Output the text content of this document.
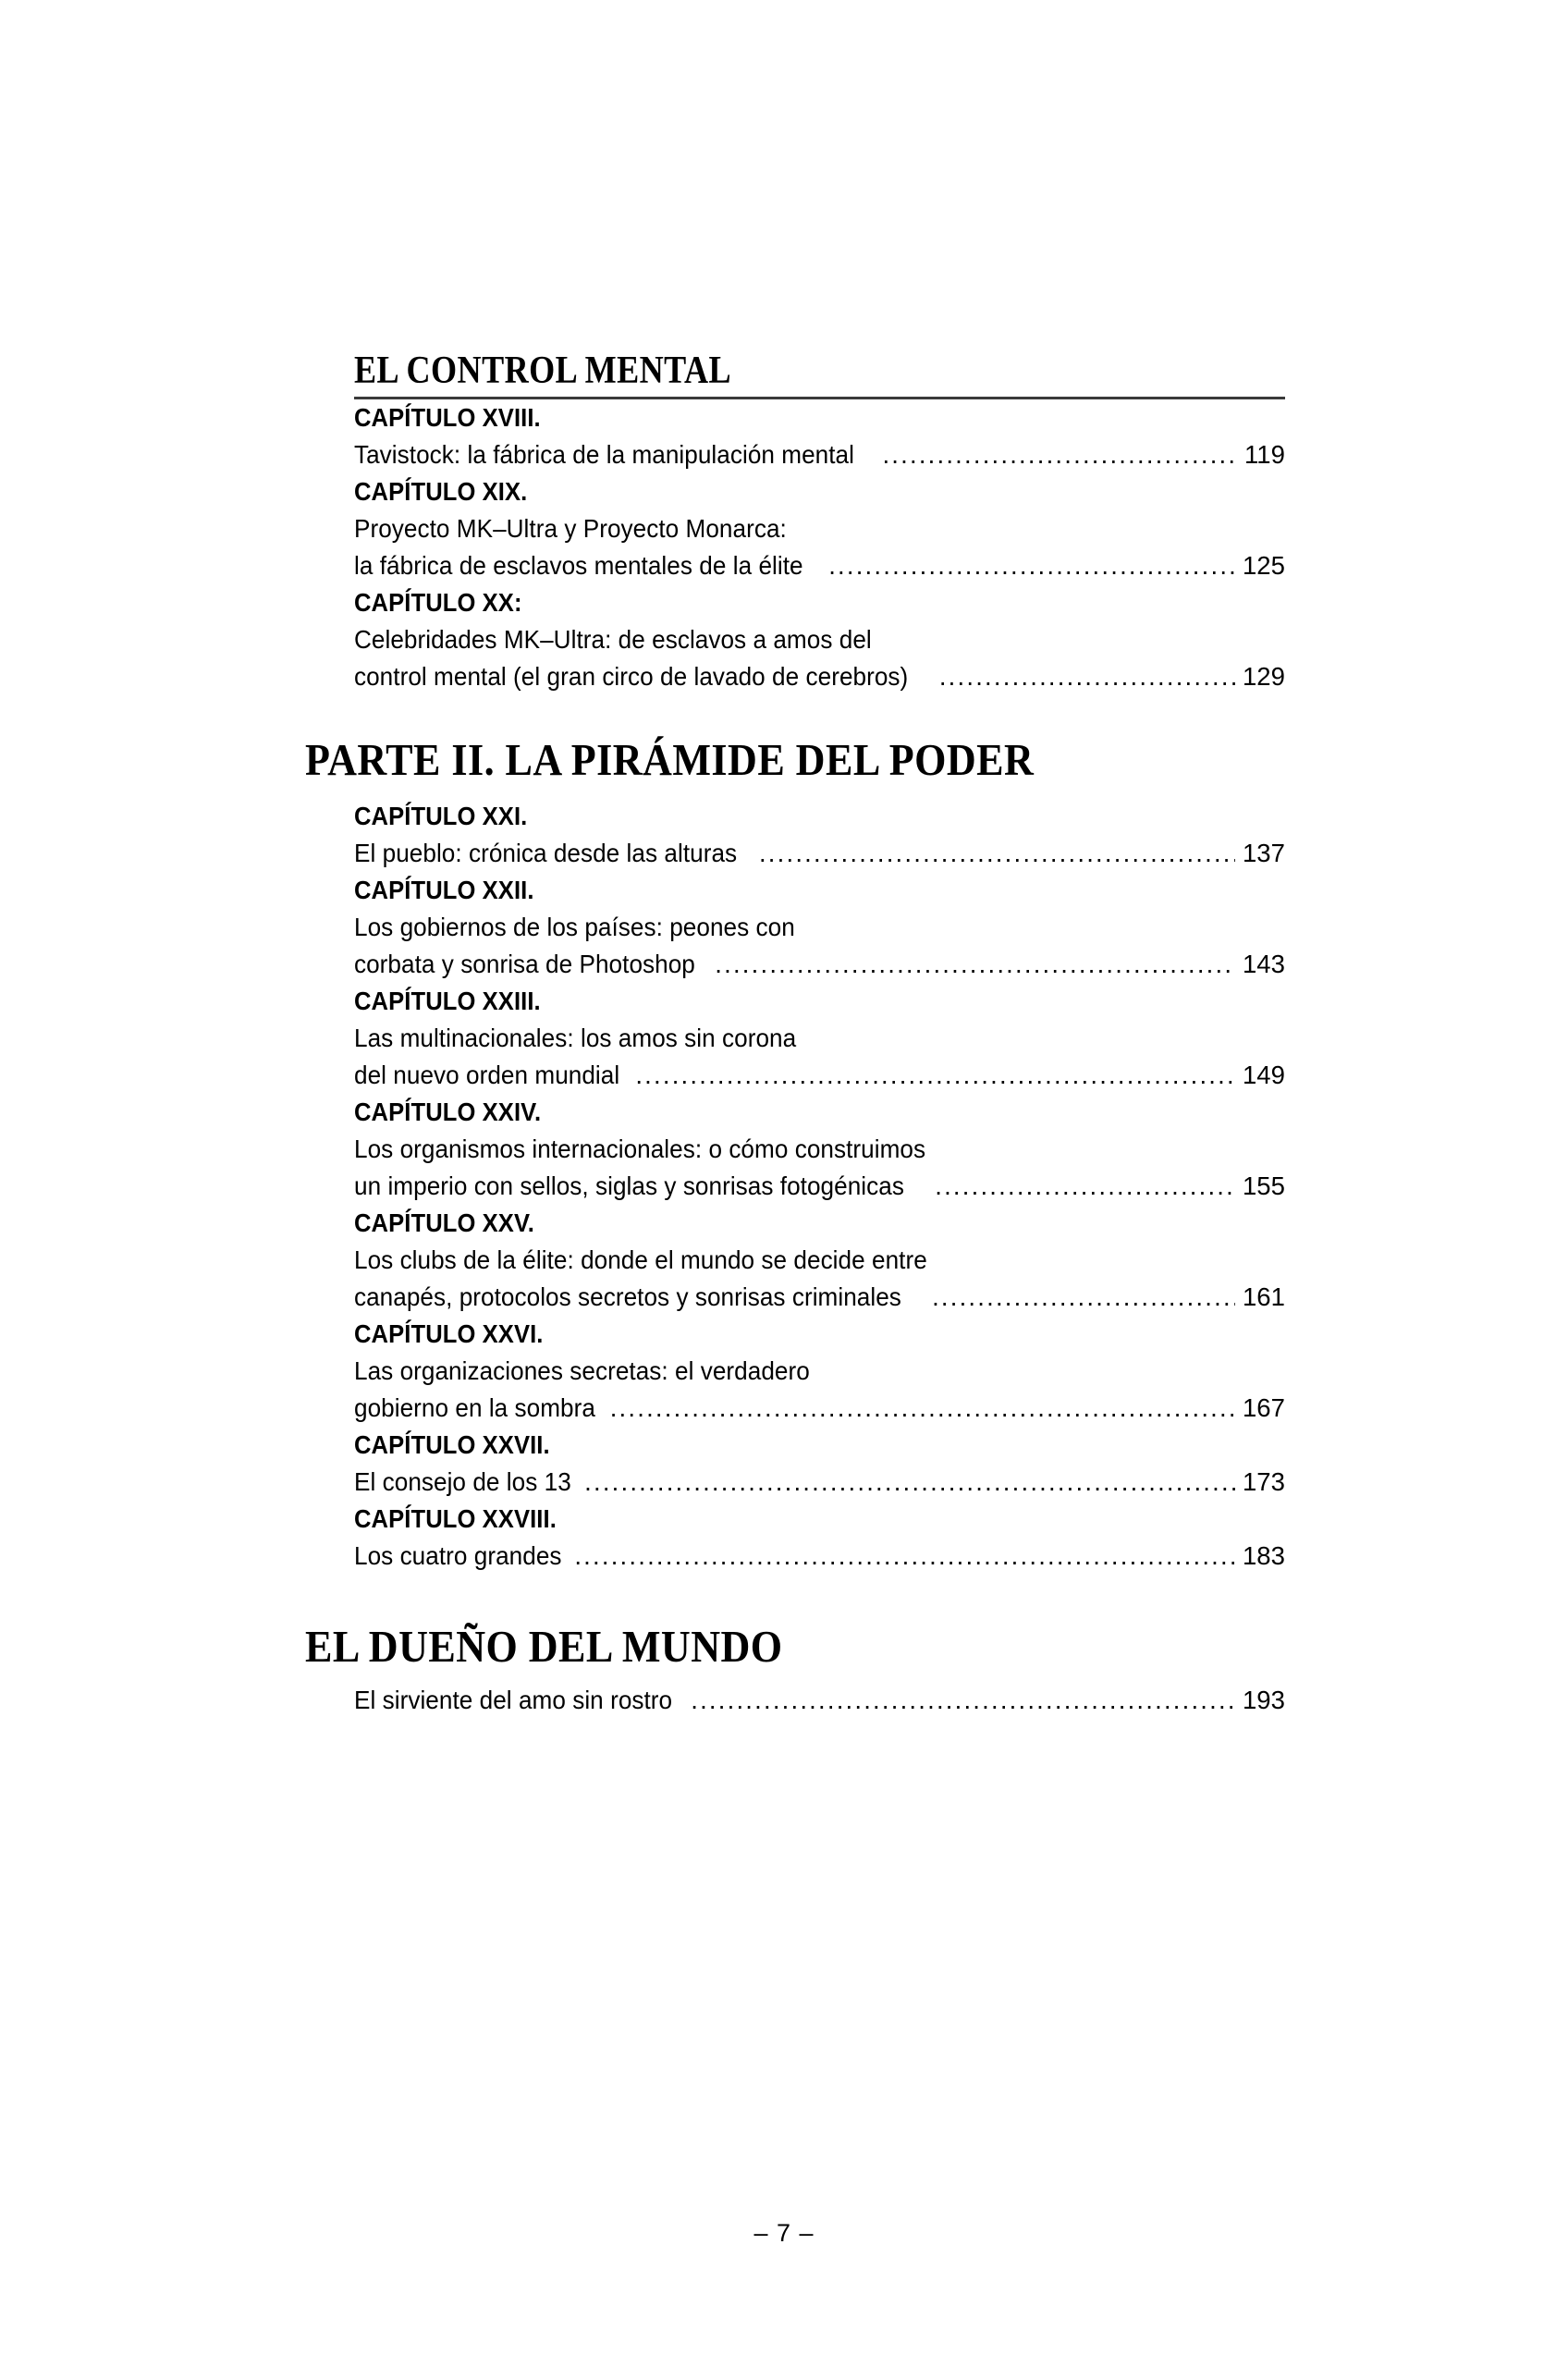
EL CONTROL MENTAL
CAPÍTULO XVIII.
Tavistock: la fábrica de la manipulación mental .....	119
CAPÍTULO XIX.
Proyecto MK–Ultra y Proyecto Monarca:
la fábrica de esclavos mentales de la élite .....	125
CAPÍTULO XX:
Celebridades MK–Ultra: de esclavos a amos del
control mental (el gran circo de lavado de cerebros) .....	129
PARTE II. LA PIRÁMIDE DEL PODER
CAPÍTULO XXI.
El pueblo: crónica desde las alturas .....	137
CAPÍTULO XXII.
Los gobiernos de los países: peones con
corbata y sonrisa de Photoshop .....	143
CAPÍTULO XXIII.
Las multinacionales: los amos sin corona
del nuevo orden mundial .....	149
CAPÍTULO XXIV.
Los organismos internacionales: o cómo construimos
un imperio con sellos, siglas y sonrisas fotogénicas .....	155
CAPÍTULO XXV.
Los clubs de la élite: donde el mundo se decide entre
canapés, protocolos secretos y sonrisas criminales .....	161
CAPÍTULO XXVI.
Las organizaciones secretas: el verdadero
gobierno en la sombra .....	167
CAPÍTULO XXVII.
El consejo de los 13 .....	173
CAPÍTULO XXVIII.
Los cuatro grandes .....	183
EL DUEÑO DEL MUNDO
El sirviente del amo sin rostro .....	193
– 7 –
